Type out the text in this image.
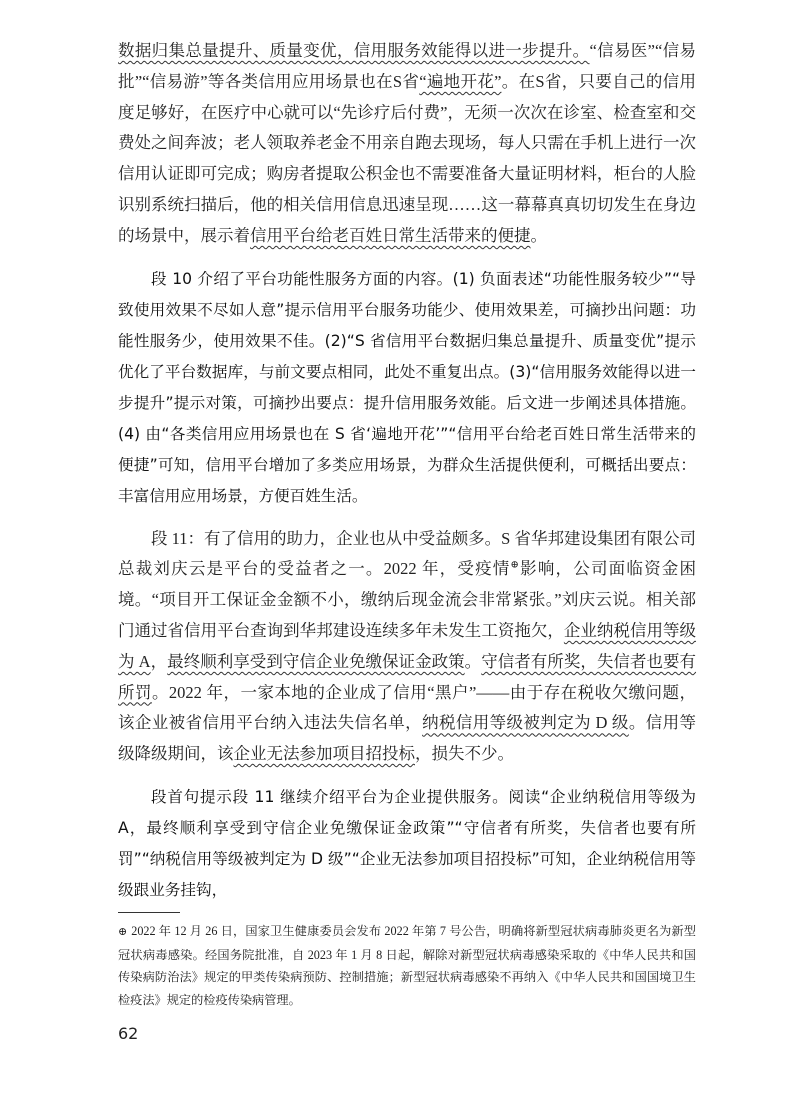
数据归集总量提升、质量变优，信用服务效能得以进一步提升。“信易医”“信易批”“信易游”等各类信用应用场景也在S省“遍地开花”。在S省，只要自己的信用度足够好，在医疗中心就可以“先诊疗后付费”，无须一次次在诊室、检查室和交费处之间奔波；老人领取养老金不用亲自跑去现场，每人只需在手机上进行一次信用认证即可完成；购房者提取公积金也不需要准备大量证明材料，柜台的人脸识别系统扫描后，他的相关信用信息迅速呈现……这一幕幕真真切切发生在身边的场景中，展示着信用平台给老百姓日常生活带来的便捷。

段 10 介绍了平台功能性服务方面的内容。(1) 负面表述“功能性服务较少”“导致使用效果不尽如人意”提示信用平台服务功能少、使用效果差，可摘抄出问题：功能性服务少，使用效果不佳。(2)“S 省信用平台数据归集总量提升、质量变优”提示优化了平台数据库，与前文要点相同，此处不重复出点。(3)“信用服务效能得以进一步提升”提示对策，可摘抄出要点：提升信用服务效能。后文进一步阐述具体措施。(4) 由“各类信用应用场景也在 S 省‘遍地开花’”“信用平台给老百姓日常生活带来的便捷”可知，信用平台增加了多类应用场景，为群众生活提供便利，可概括出要点：丰富信用应用场景，方便百姓生活。

段 11：有了信用的助力，企业也从中受益颇多。S 省华邦建设集团有限公司总裁刘庆云是平台的受益者之一。2022 年，受疫情⊕影响，公司面临资金困境。“项目开工保证金金额不小，缴纳后现金流会非常紧张。”刘庆云说。相关部门通过省信用平台查询到华邦建设连续多年未发生工资拖欠，企业纳税信用等级为 A，最终顺利享受到守信企业免缴保证金政策。守信者有所奖，失信者也要有所罚。2022 年，一家本地的企业成了信用“黑户”——由于存在税收欠缴问题，该企业被省信用平台纳入违法失信名单，纳税信用等级被判定为 D 级。信用等级降级期间，该企业无法参加项目招投标，损失不少。

段首句提示段 11 继续介绍平台为企业提供服务。阅读“企业纳税信用等级为 A，最终顺利享受到守信企业免缴保证金政策”“守信者有所奖，失信者也要有所罚”“纳税信用等级被判定为 D 级”“企业无法参加项目招投标”可知，企业纳税信用等级跟业务挂钩，

⊕ 2022 年 12 月 26 日，国家卫生健康委员会发布 2022 年第 7 号公告，明确将新型冠状病毒肺炎更名为新型冠状病毒感染。经国务院批准，自 2023 年 1 月 8 日起，解除对新型冠状病毒感染采取的《中华人民共和国传染病防治法》规定的甲类传染病预防、控制措施；新型冠状病毒感染不再纳入《中华人民共和国国境卫生检疫法》规定的检疫传染病管理。
62
